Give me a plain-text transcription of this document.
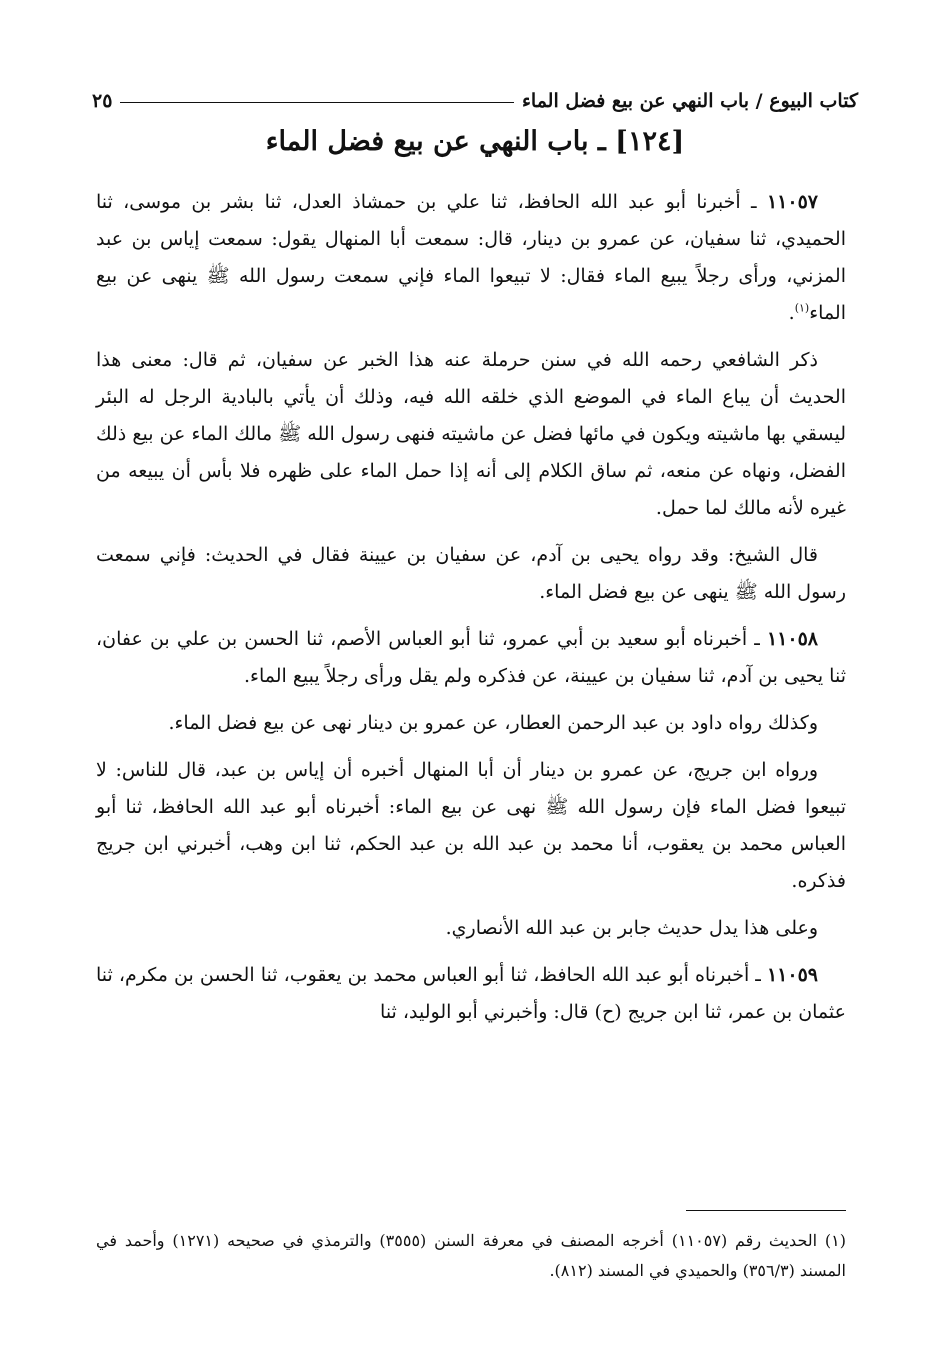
كتاب البيوع / باب النهي عن بيع فضل الماء
٢٥
[١٢٤] ـ باب النهي عن بيع فضل الماء

١١٠٥٧ ـ أخبرنا أبو عبد الله الحافظ، ثنا علي بن حمشاذ العدل، ثنا بشر بن موسى، ثنا الحميدي، ثنا سفيان، عن عمرو بن دينار، قال: سمعت أبا المنهال يقول: سمعت إياس بن عبد المزني، ورأى رجلاً يبيع الماء فقال: لا تبيعوا الماء فإني سمعت رسول الله ﷺ ينهى عن بيع الماء$^{(١)}$.

ذكر الشافعي رحمه الله في سنن حرملة عنه هذا الخبر عن سفيان، ثم قال: معنى هذا الحديث أن يباع الماء في الموضع الذي خلقه الله فيه، وذلك أن يأتي بالبادية الرجل له البئر ليسقي بها ماشيته ويكون في مائها فضل عن ماشيته فنهى رسول الله ﷺ مالك الماء عن بيع ذلك الفضل، ونهاه عن منعه، ثم ساق الكلام إلى أنه إذا حمل الماء على ظهره فلا بأس أن يبيعه من غيره لأنه مالك لما حمل.

قال الشيخ: وقد رواه يحيى بن آدم، عن سفيان بن عيينة فقال في الحديث: فإني سمعت رسول الله ﷺ ينهى عن بيع فضل الماء.

١١٠٥٨ ـ أخبرناه أبو سعيد بن أبي عمرو، ثنا أبو العباس الأصم، ثنا الحسن بن علي بن عفان، ثنا يحيى بن آدم، ثنا سفيان بن عيينة، عن فذكره ولم يقل ورأى رجلاً يبيع الماء.

وكذلك رواه داود بن عبد الرحمن العطار، عن عمرو بن دينار نهى عن بيع فضل الماء.

ورواه ابن جريج، عن عمرو بن دينار أن أبا المنهال أخبره أن إياس بن عبد، قال للناس: لا تبيعوا فضل الماء فإن رسول الله ﷺ نهى عن بيع الماء: أخبرناه أبو عبد الله الحافظ، ثنا أبو العباس محمد بن يعقوب، أنا محمد بن عبد الله بن عبد الحكم، ثنا ابن وهب، أخبرني ابن جريج فذكره.

وعلى هذا يدل حديث جابر بن عبد الله الأنصاري.

١١٠٥٩ ـ أخبرناه أبو عبد الله الحافظ، ثنا أبو العباس محمد بن يعقوب، ثنا الحسن بن مكرم، ثنا عثمان بن عمر، ثنا ابن جريج (ح) قال: وأخبرني أبو الوليد، ثنا

(١) الحديث رقم (١١٠٥٧) أخرجه المصنف في معرفة السنن (٣٥٥٥) والترمذي في صحيحه (١٢٧١) وأحمد في المسند (٣٥٦/٣) والحميدي في المسند (٨١٢).
